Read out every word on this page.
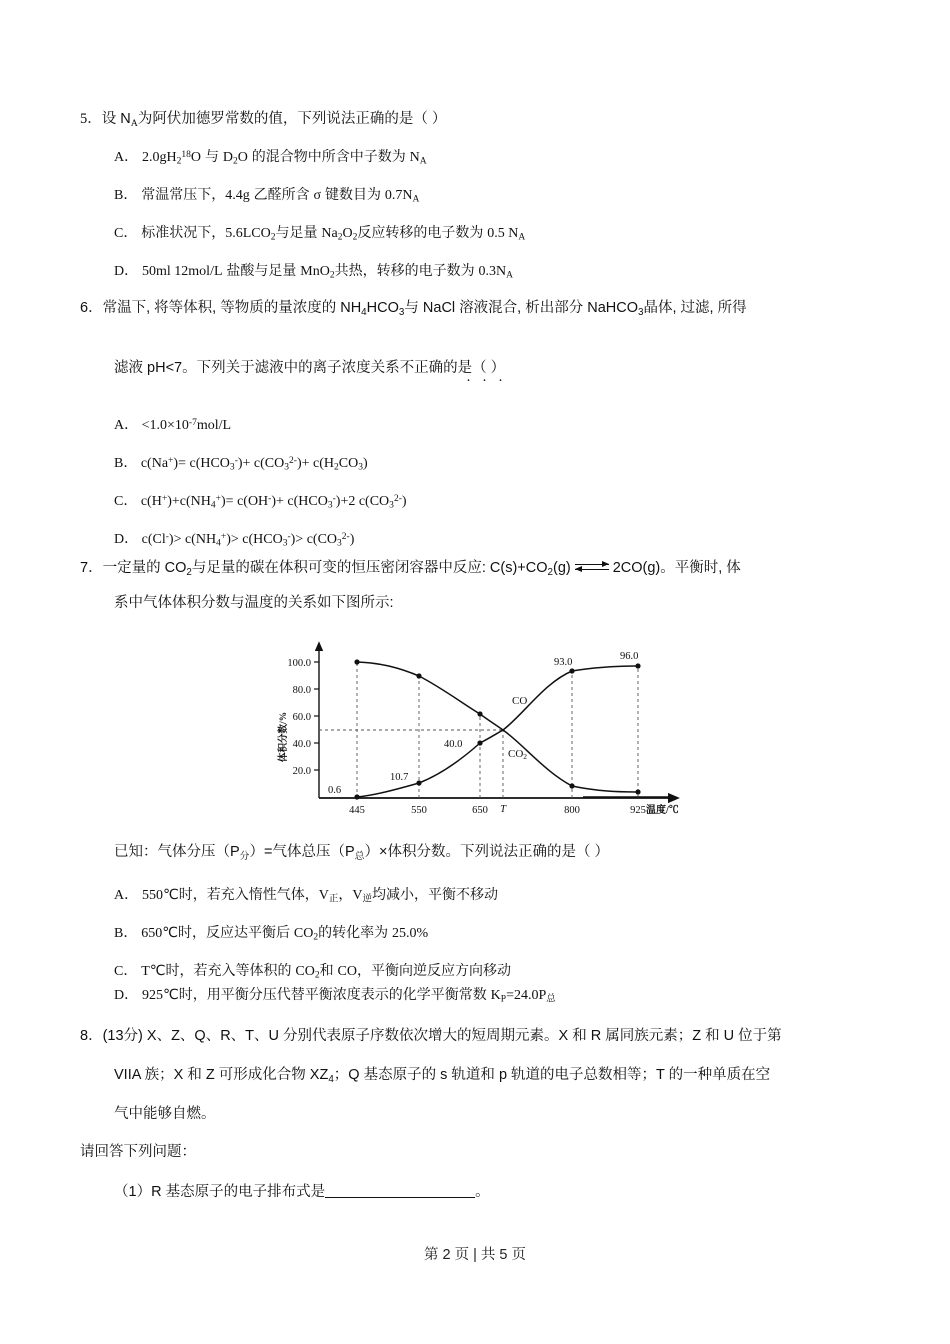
5．设 $N_A$为阿伏加德罗常数的值，下列说法正确的是（ ）
A． $2.0gH_2^{18}O$ 与 $D_2O$ 的混合物中所含中子数为 $N_A$
B． 常温常压下，4.4g 乙醛所含 σ 键数目为 $0.7N_A$
C． 标准状况下，$5.6LCO_2$与足量 $Na_2O_2$反应转移的电子数为 0.5 $N_A$
D． 50ml 12mol/L 盐酸与足量 MnO$_2$共热，转移的电子数为 $0.3N_A$
6．常温下, 将等体积, 等物质的量浓度的 $NH_4HCO_3$与 NaCl 溶液混合, 析出部分 NaHCO$_3$晶体, 过滤, 所得
滤液 pH<7。下列关于滤液中的离子浓度关系不正确的是（ ）
···
A． $<1.0\times 10^{-7}mol/L$
B． $c(Na^+)= c(HCO_3^-)+ c(CO_3^{2-})+ c(H_2CO_3)$
C． $c(H^+)+c(NH_4^+)= c(OH^-)+ c(HCO_3^-)+2$ $c(CO_3^{2-})$
D． $c(Cl^-)> c(NH_4^+)> c(HCO_3^-)> c(CO_3^{2-})$
7．一定量的 $CO_2$与足量的碳在体积可变的恒压密闭容器中反应: $C(s)+CO_2(g)$	2CO(g)。平衡时, 体
系中气体体积分数与温度的关系如下图所示:
体积分数/%
100.0
80.0
60.0
40.0
20.0
0.6
10.7
40.0
93.0
96.0
CO
CO2
445	550	650 T	800	925 温度/℃
已知：气体分压$(P_分)=$气体总压$(P_总)\times$体积分数。下列说法正确的是（ ）
A． 550℃时，若充入惰性气体，$V_正$，$V_逆$均减小，平衡不移动
B． 650℃时，反应达平衡后 $CO_2$的转化率为 25.0%
C． T℃时，若充入等体积的 $CO_2$和 CO，平衡向逆反应方向移动
D． 925℃时，用平衡分压代替平衡浓度表示的化学平衡常数 $K_P=24.0P_总$
8．(13分) X、Z、Q、R、T、U 分别代表原子序数依次增大的短周期元素。X 和 R 属同族元素；Z 和 U 位于第
VIIA 族；X 和 Z 可形成化合物 $XZ_4$；Q 基态原子的 s 轨道和 p 轨道的电子总数相等；T 的一种单质在空
气中能够自燃。
请回答下列问题：
（1）R 基态原子的电子排布式是	。
第 2 页 | 共 5 页
